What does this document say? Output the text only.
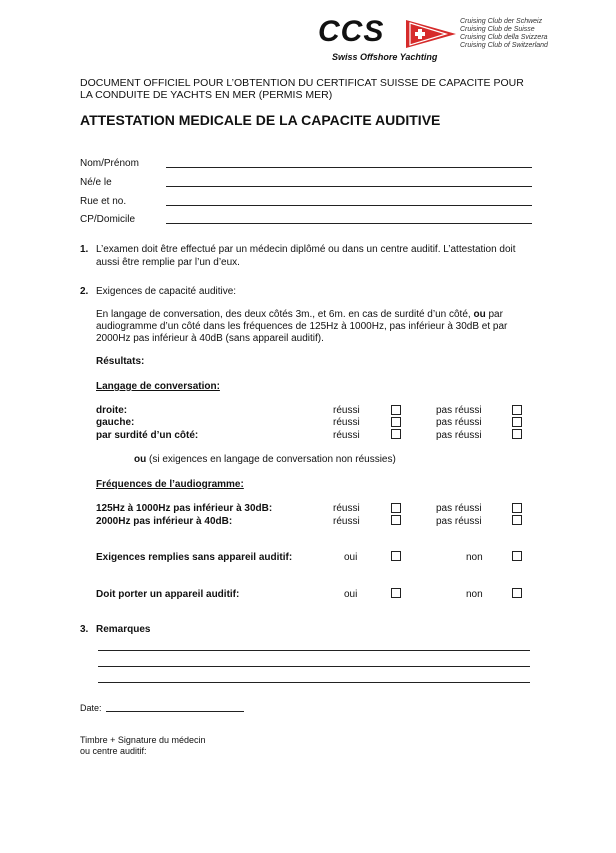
CCS
Swiss Offshore Yachting
Cruising Club der Schweiz
Cruising Club de Suisse
Cruising Club della Svizzera
Cruising Club of Switzerland
DOCUMENT OFFICIEL POUR L’OBTENTION DU CERTIFICAT SUISSE DE CAPACITE POUR
LA CONDUITE DE YACHTS EN MER (PERMIS MER)
ATTESTATION MEDICALE DE LA CAPACITE AUDITIVE
Nom/Prénom
Né/e le
Rue et no.
CP/Domicile
1. L’examen doit être effectué par un médecin diplômé ou dans un centre auditif. L’attestation doit
aussi être remplie par l’un d’eux.
2. Exigences de capacité auditive:
En langage de conversation, des deux côtés 3m., et 6m. en cas de surdité d’un côté, ou par
audiogramme d’un côté dans les fréquences de 125Hz à 1000Hz, pas inférieur à 30dB et par
2000Hz pas inférieur à 40dB (sans appareil auditif).
Résultats:
Langage de conversation:
droite:	réussi	pas réussi
gauche:	réussi	pas réussi
par surdité d’un côté:	réussi	pas réussi
ou (si exigences en langage de conversation non réussies)
Fréquences de l’audiogramme:
125Hz à 1000Hz pas inférieur à 30dB:	réussi	pas réussi
2000Hz pas inférieur à 40dB:	réussi	pas réussi
Exigences remplies sans appareil auditif:	oui	non
Doit porter un appareil auditif:	oui	non
3. Remarques
Date:
Timbre + Signature du médecin
ou centre auditif:
